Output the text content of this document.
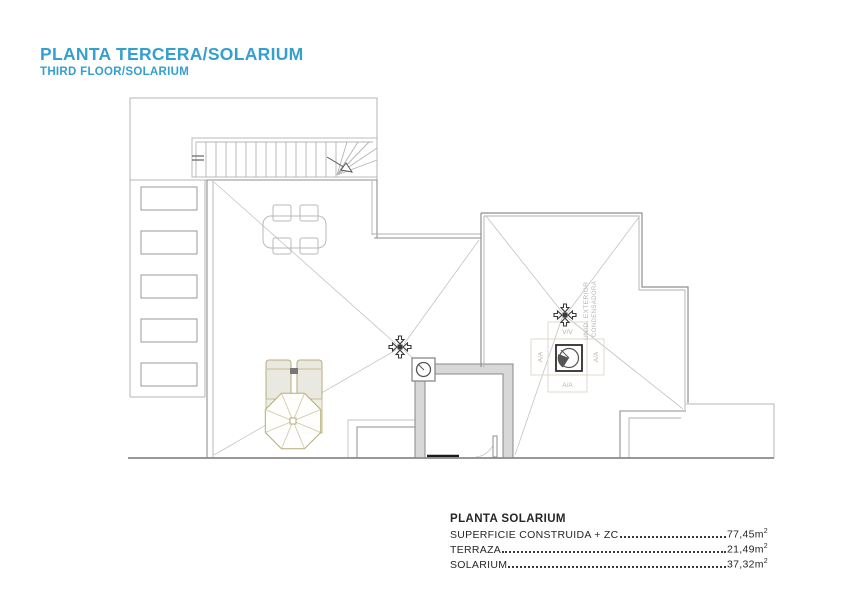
PLANTA TERCERA/SOLARIUM
THIRD FLOOR/SOLARIUM
V/V
A/A	A/A
A/A
UNID. EXTERIOR CONDENSADORA
PLANTA SOLARIUM
SUPERFICIE CONSTRUIDA + ZC	$77,45m^2$
TERRAZA	$21,49m^2$
SOLARIUM	$37,32m^2$
